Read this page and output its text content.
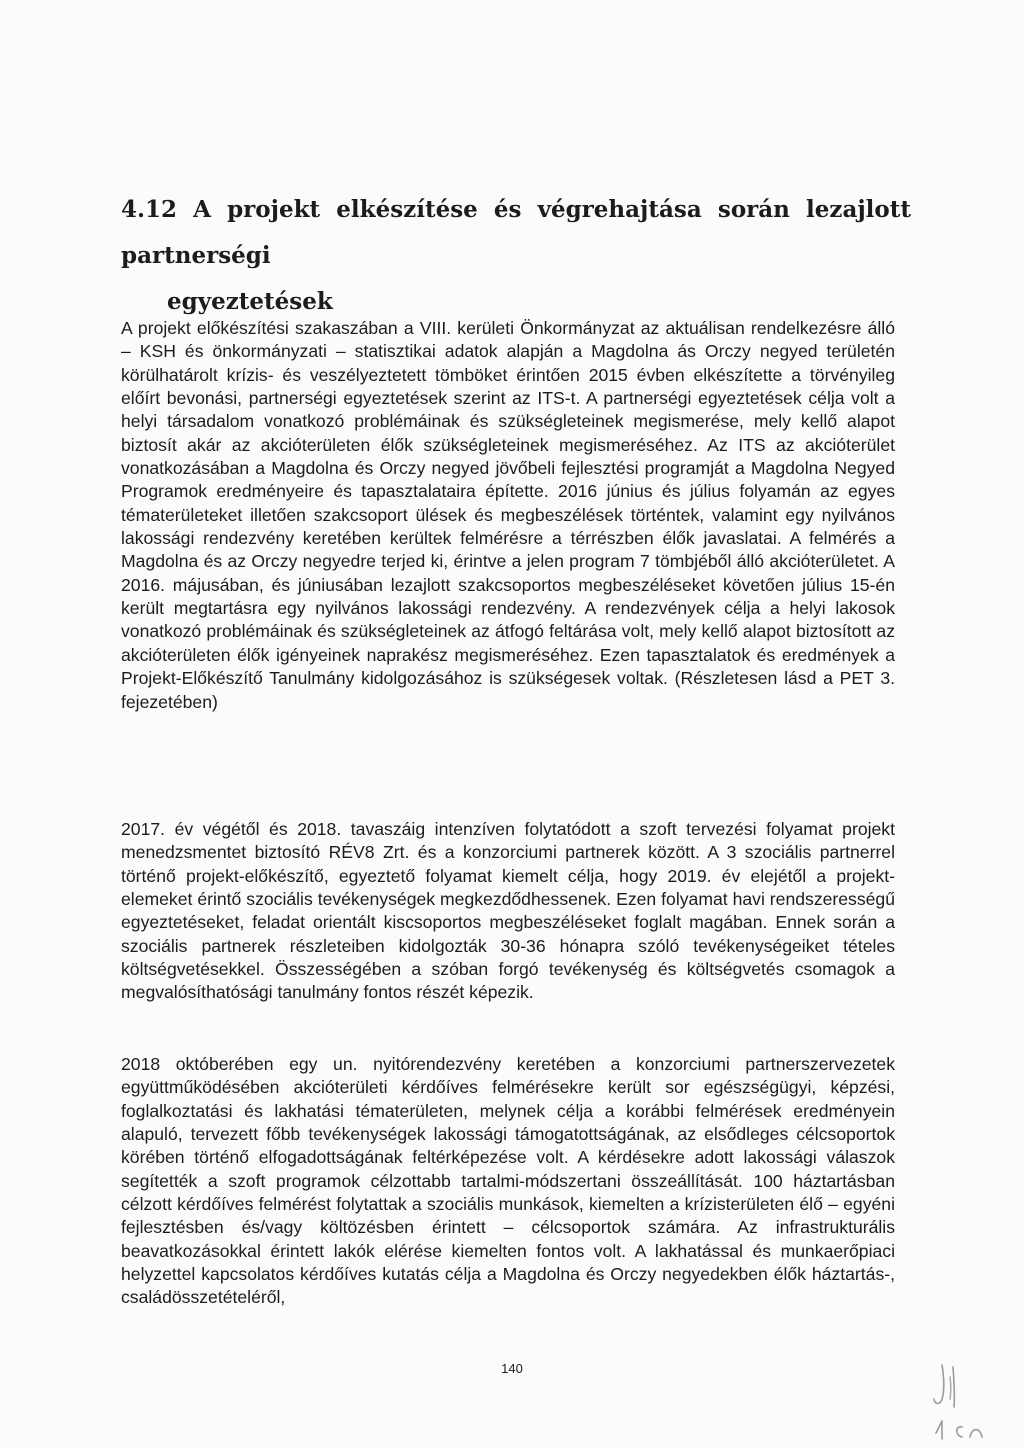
4.12 A projekt elkészítése és végrehajtása során lezajlott partnerségi
egyeztetések

A projekt előkészítési szakaszában a VIII. kerületi Önkormányzat az aktuálisan rendelkezésre álló – KSH és önkormányzati – statisztikai adatok alapján a Magdolna ás Orczy negyed területén körülhatárolt krízis- és veszélyeztetett tömböket érintően 2015 évben elkészítette a törvényileg előírt bevonási, partnerségi egyeztetések szerint az ITS-t. A partnerségi egyeztetések célja volt a helyi társadalom vonatkozó problémáinak és szükségleteinek megismerése, mely kellő alapot biztosít akár az akcióterületen élők szükségleteinek megismeréséhez. Az ITS az akcióterület vonatkozásában a Magdolna és Orczy negyed jövőbeli fejlesztési programját a Magdolna Negyed Programok eredményeire és tapasztalataira építette. 2016 június és július folyamán az egyes tématerületeket illetően szakcsoport ülések és megbeszélések történtek, valamint egy nyilvános lakossági rendezvény keretében kerültek felmérésre a térrészben élők javaslatai. A felmérés a Magdolna és az Orczy negyedre terjed ki, érintve a jelen program 7 tömbjéből álló akcióterületet. A 2016. májusában, és júniusában lezajlott szakcsoportos megbeszéléseket követően július 15-én került megtartásra egy nyilvános lakossági rendezvény. A rendezvények célja a helyi lakosok vonatkozó problémáinak és szükségleteinek az átfogó feltárása volt, mely kellő alapot biztosított az akcióterületen élők igényeinek naprakész megismeréséhez. Ezen tapasztalatok és eredmények a Projekt-Előkészítő Tanulmány kidolgozásához is szükségesek voltak. (Részletesen lásd a PET 3. fejezetében)

2017. év végétől és 2018. tavaszáig intenzíven folytatódott a szoft tervezési folyamat projekt menedzsmentet biztosító RÉV8 Zrt. és a konzorciumi partnerek között. A 3 szociális partnerrel történő projekt-előkészítő, egyeztető folyamat kiemelt célja, hogy 2019. év elejétől a projekt-elemeket érintő szociális tevékenységek megkezdődhessenek. Ezen folyamat havi rendszerességű egyeztetéseket, feladat orientált kiscsoportos megbeszéléseket foglalt magában. Ennek során a szociális partnerek részleteiben kidolgozták 30-36 hónapra szóló tevékenységeiket tételes költségvetésekkel. Összességében a szóban forgó tevékenység és költségvetés csomagok a megvalósíthatósági tanulmány fontos részét képezik.

2018 októberében egy un. nyitórendezvény keretében a konzorciumi partnerszervezetek együttműködésében akcióterületi kérdőíves felmérésekre került sor egészségügyi, képzési, foglalkoztatási és lakhatási tématerületen, melynek célja a korábbi felmérések eredményein alapuló, tervezett főbb tevékenységek lakossági támogatottságának, az elsődleges célcsoportok körében történő elfogadottságának feltérképezése volt. A kérdésekre adott lakossági válaszok segítették a szoft programok célzottabb tartalmi-módszertani összeállítását. 100 háztartásban célzott kérdőíves felmérést folytattak a szociális munkások, kiemelten a krízisterületen élő – egyéni fejlesztésben és/vagy költözésben érintett – célcsoportok számára. Az infrastrukturális beavatkozásokkal érintett lakók elérése kiemelten fontos volt. A lakhatással és munkaerőpiaci helyzettel kapcsolatos kérdőíves kutatás célja a Magdolna és Orczy negyedekben élők háztartás-, családösszetételéről,

140
